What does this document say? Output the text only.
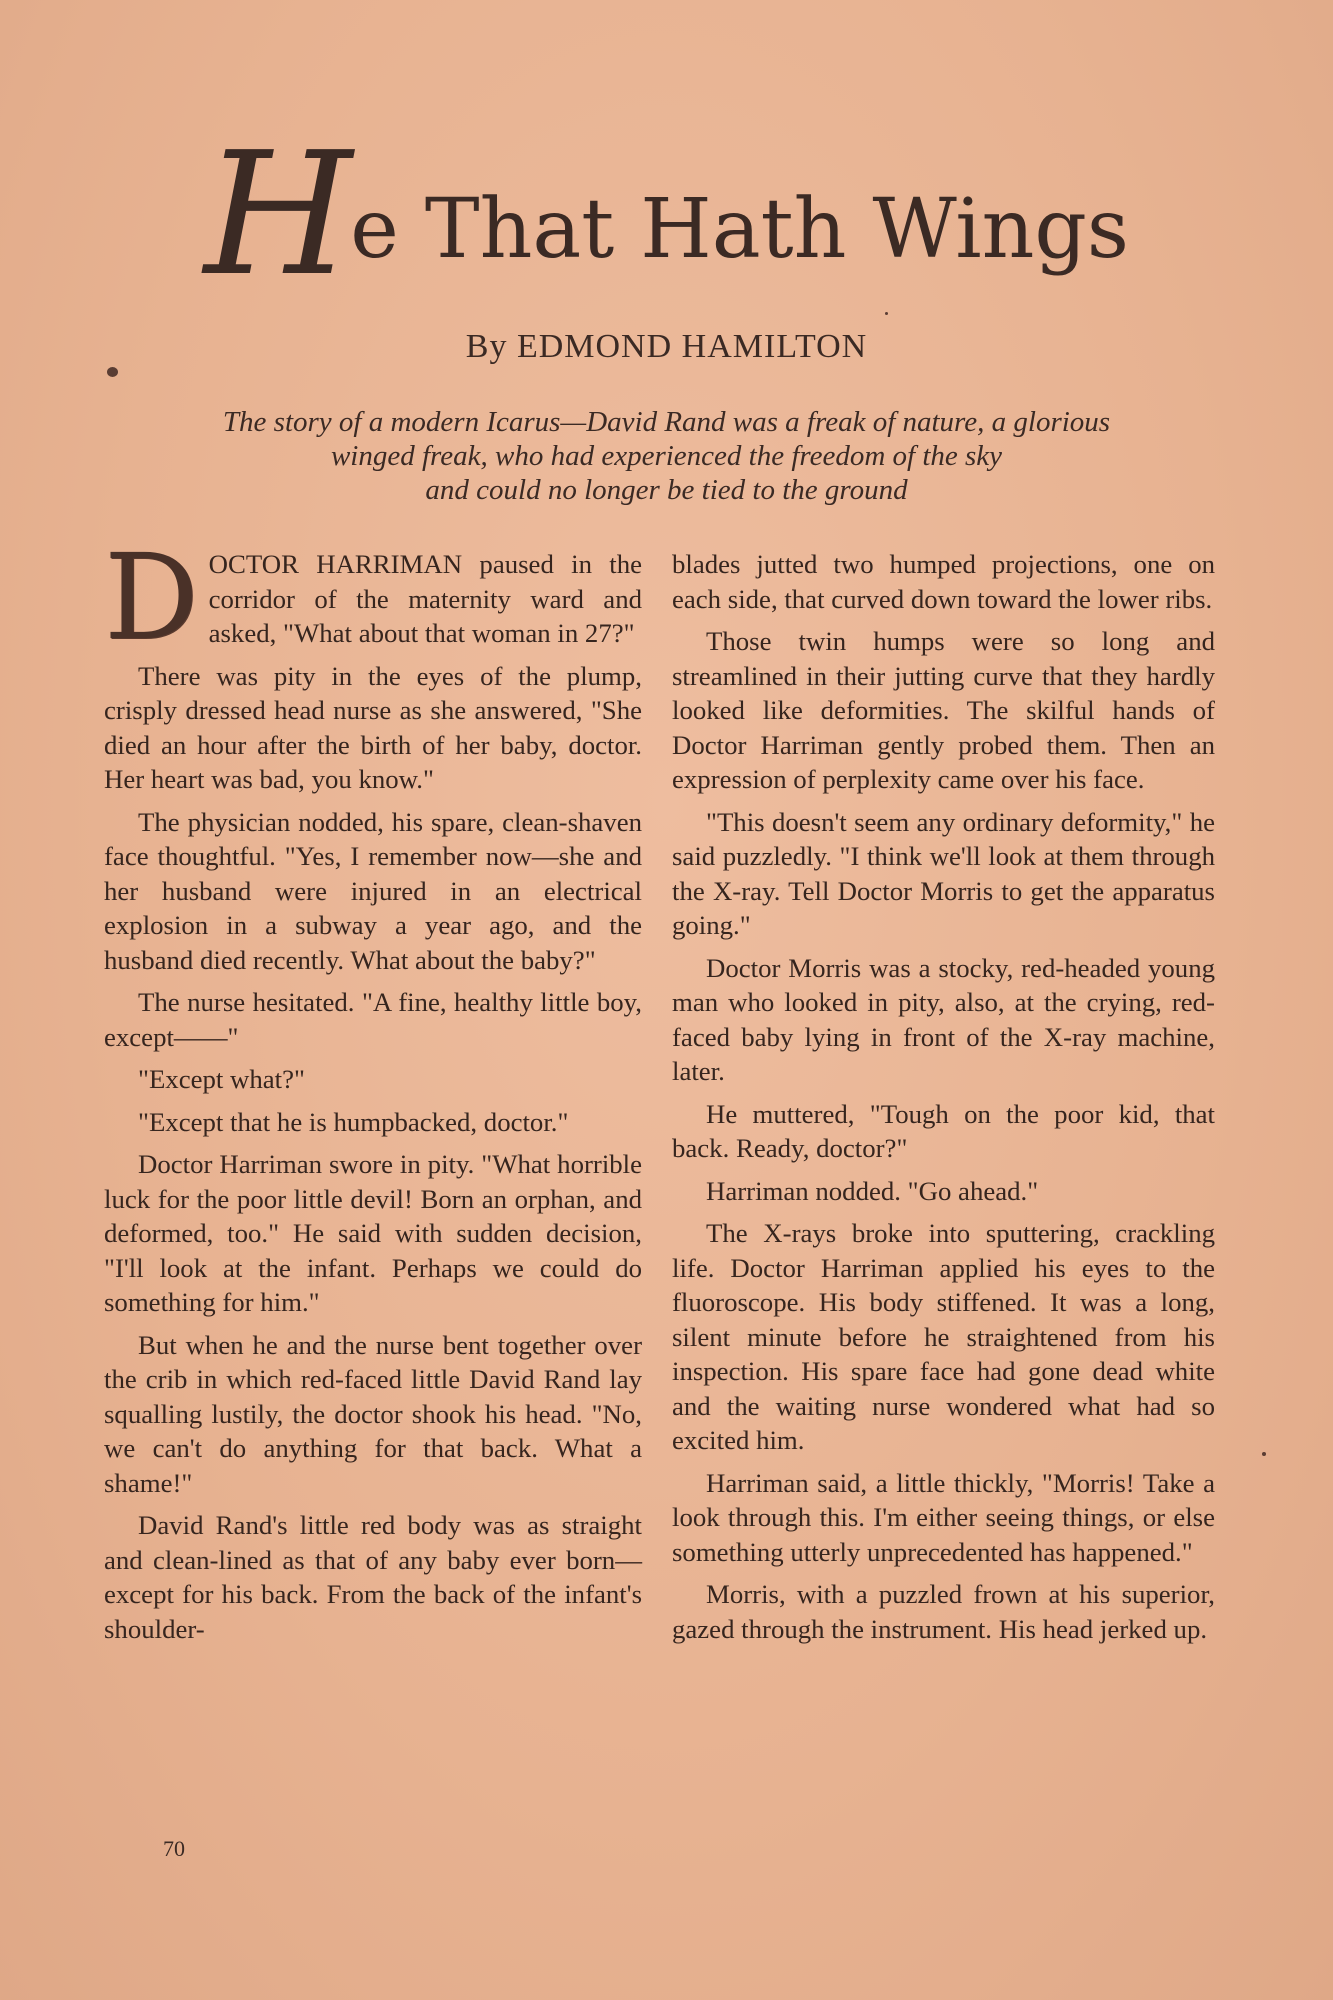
H e That Hath Wings
By EDMOND HAMILTON
The story of a modern Icarus—David Rand was a freak of nature, a glorious
winged freak, who had experienced the freedom of the sky
and could no longer be tied to the ground

DOCTOR HARRIMAN paused in the corridor of the maternity ward and asked, "What about that woman in 27?"

There was pity in the eyes of the plump, crisply dressed head nurse as she answered, "She died an hour after the birth of her baby, doctor. Her heart was bad, you know."

The physician nodded, his spare, clean-shaven face thoughtful. "Yes, I remember now—she and her husband were injured in an electrical explosion in a subway a year ago, and the husband died recently. What about the baby?"

The nurse hesitated. "A fine, healthy little boy, except——"

"Except what?"

"Except that he is humpbacked, doctor."

Doctor Harriman swore in pity. "What horrible luck for the poor little devil! Born an orphan, and deformed, too." He said with sudden decision, "I'll look at the infant. Perhaps we could do something for him."

But when he and the nurse bent together over the crib in which red-faced little David Rand lay squalling lustily, the doctor shook his head. "No, we can't do anything for that back. What a shame!"

David Rand's little red body was as straight and clean-lined as that of any baby ever born—except for his back. From the back of the infant's shoulder-

blades jutted two humped projections, one on each side, that curved down toward the lower ribs.

Those twin humps were so long and streamlined in their jutting curve that they hardly looked like deformities. The skilful hands of Doctor Harriman gently probed them. Then an expression of perplexity came over his face.

"This doesn't seem any ordinary deformity," he said puzzledly. "I think we'll look at them through the X-ray. Tell Doctor Morris to get the apparatus going."

Doctor Morris was a stocky, red-headed young man who looked in pity, also, at the crying, red-faced baby lying in front of the X-ray machine, later.

He muttered, "Tough on the poor kid, that back. Ready, doctor?"

Harriman nodded. "Go ahead."

The X-rays broke into sputtering, crackling life. Doctor Harriman applied his eyes to the fluoroscope. His body stiffened. It was a long, silent minute before he straightened from his inspection. His spare face had gone dead white and the waiting nurse wondered what had so excited him.

Harriman said, a little thickly, "Morris! Take a look through this. I'm either seeing things, or else something utterly unprecedented has happened."

Morris, with a puzzled frown at his superior, gazed through the instrument. His head jerked up.

70
